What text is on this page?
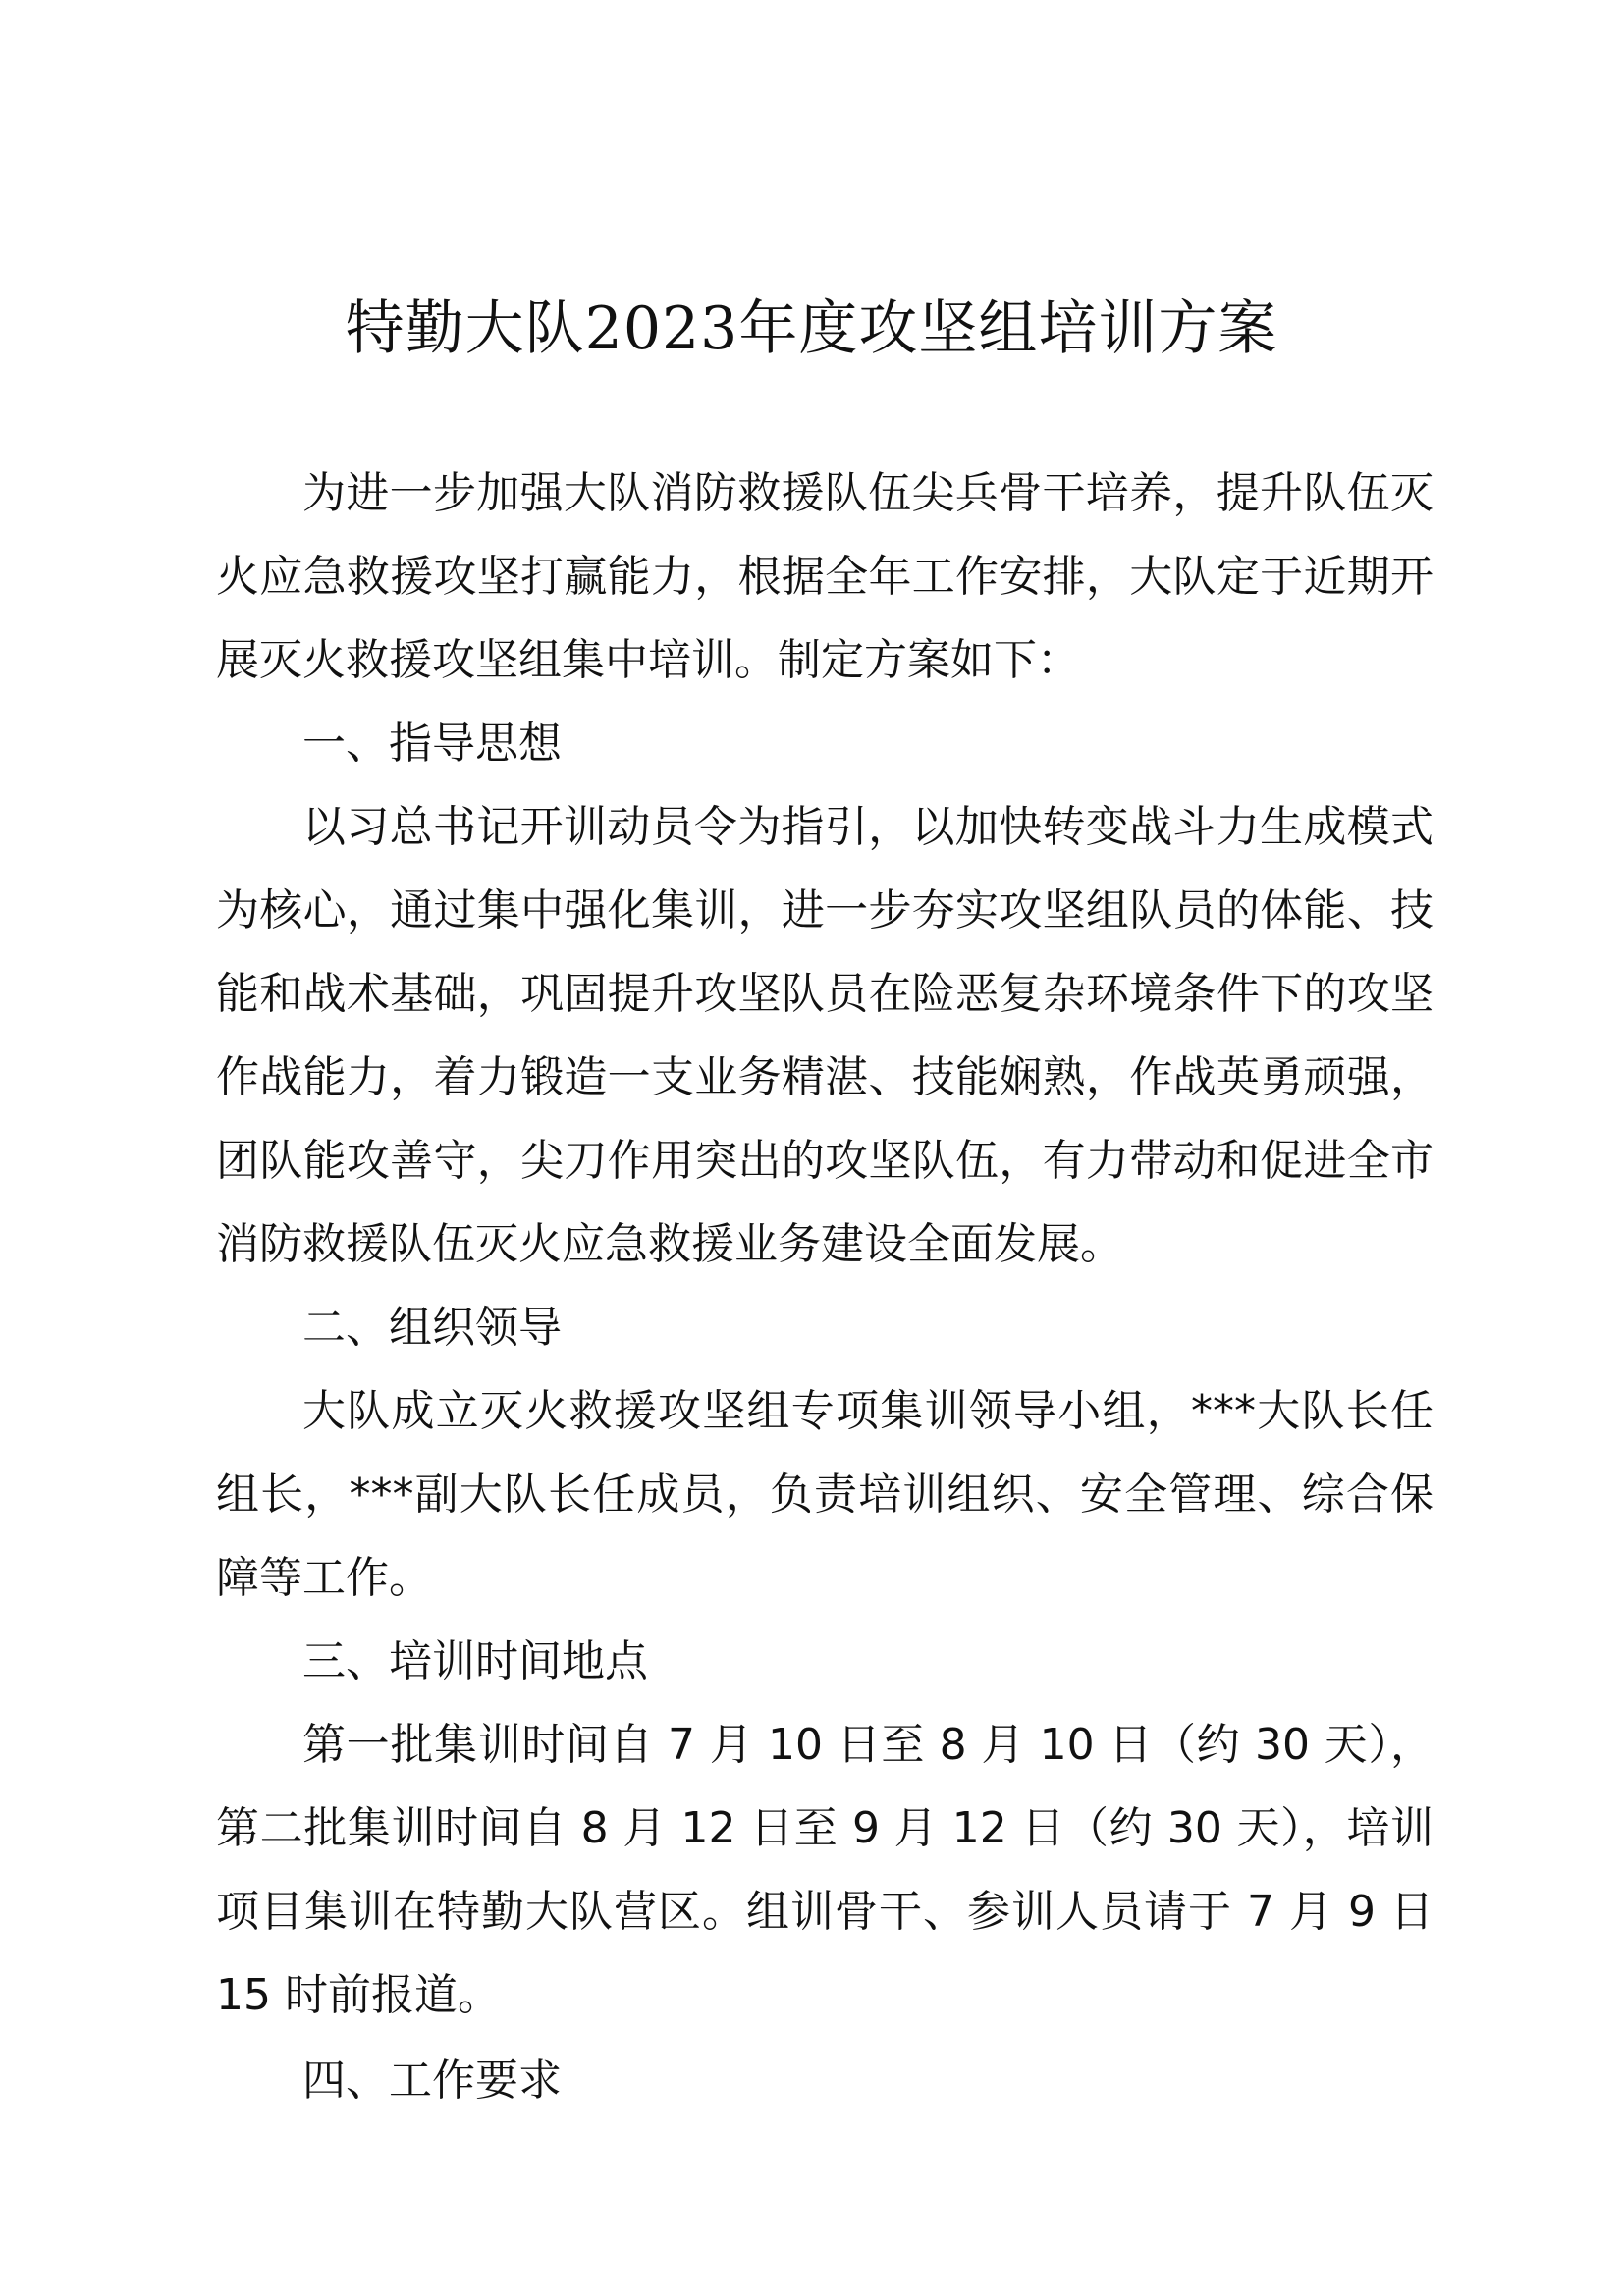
特勤大队2023年度攻坚组培训方案

为进一步加强大队消防救援队伍尖兵骨干培养，提升队伍灭火应急救援攻坚打赢能力，根据全年工作安排，大队定于近期开展灭火救援攻坚组集中培训。制定方案如下：

一、指导思想

以习总书记开训动员令为指引，以加快转变战斗力生成模式为核心，通过集中强化集训，进一步夯实攻坚组队员的体能、技能和战术基础，巩固提升攻坚队员在险恶复杂环境条件下的攻坚作战能力，着力锻造一支业务精湛、技能娴熟，作战英勇顽强，团队能攻善守，尖刀作用突出的攻坚队伍，有力带动和促进全市消防救援队伍灭火应急救援业务建设全面发展。

二、组织领导

大队成立灭火救援攻坚组专项集训领导小组，***大队长任组长，***副大队长任成员，负责培训组织、安全管理、综合保障等工作。

三、培训时间地点

第一批集训时间自 7 月 10 日至 8 月 10 日（约 30 天），第二批集训时间自 8 月 12 日至 9 月 12 日（约 30 天），培训项目集训在特勤大队营区。组训骨干、参训人员请于 7 月 9 日 15 时前报道。

四、工作要求
